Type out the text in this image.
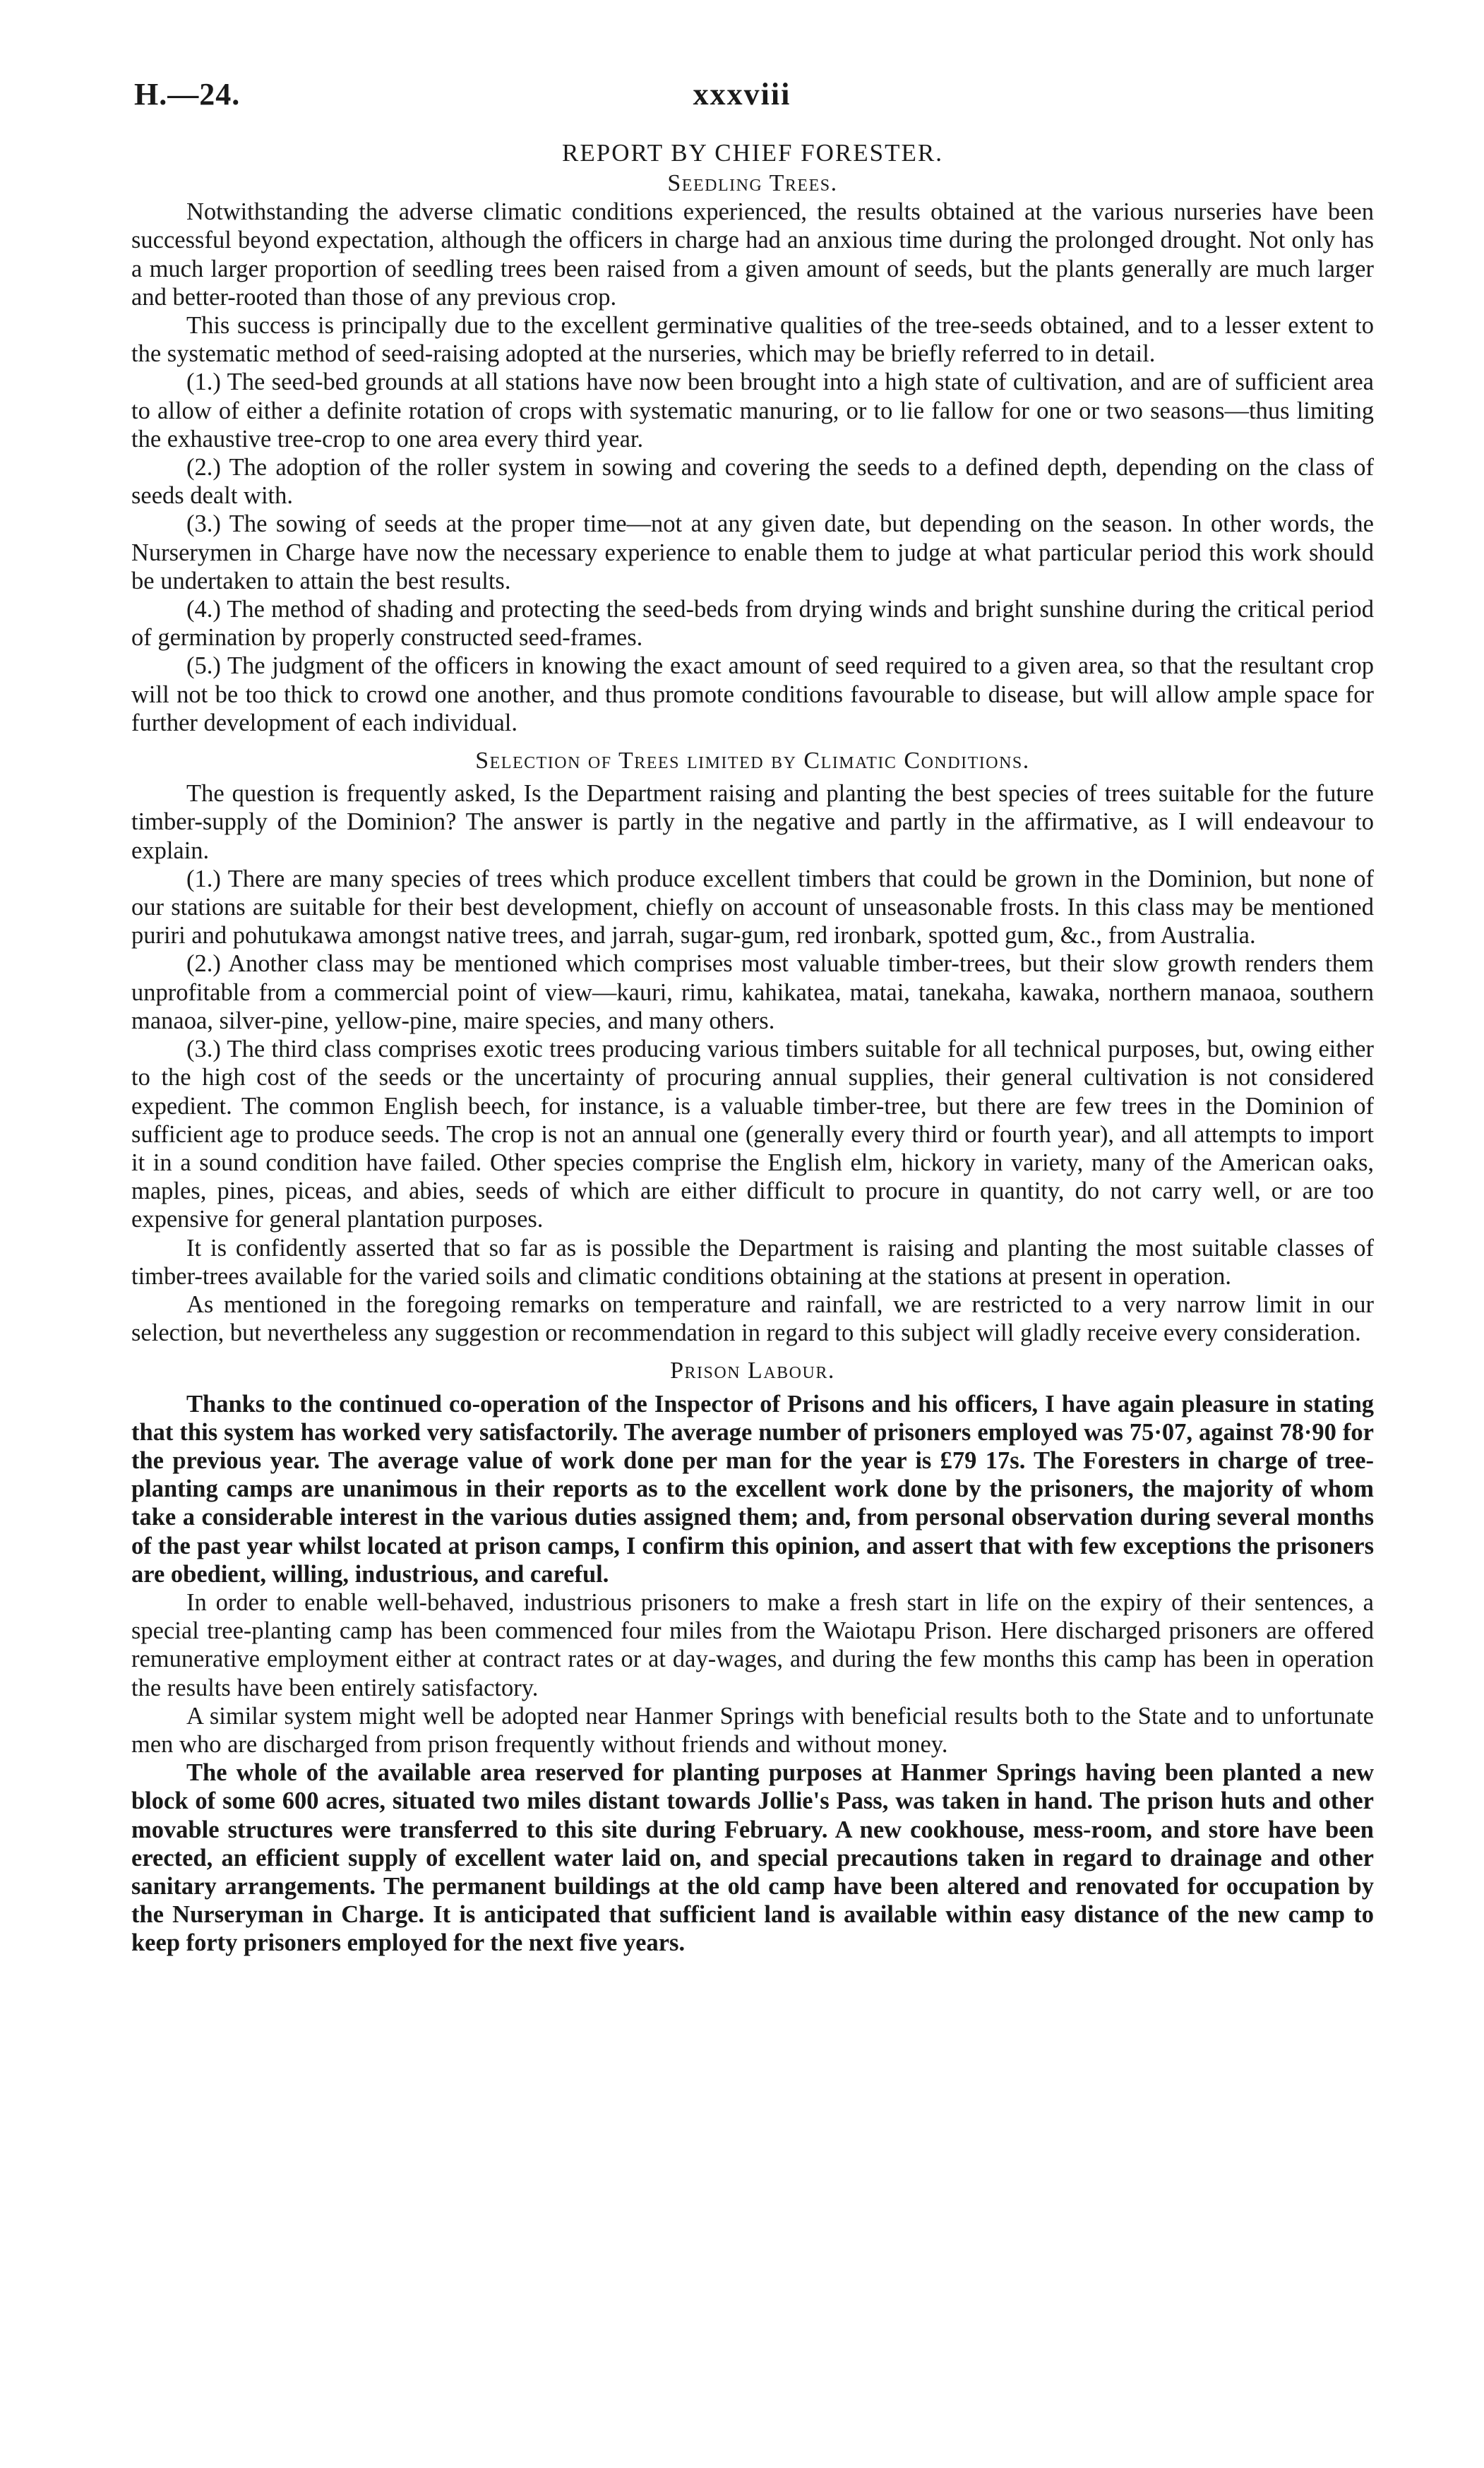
H.—24.	xxxviii
REPORT BY CHIEF FORESTER.
Seedling Trees.

Notwithstanding the adverse climatic conditions experienced, the results obtained at the various nurseries have been successful beyond expectation, although the officers in charge had an anxious time during the prolonged drought. Not only has a much larger proportion of seedling trees been raised from a given amount of seeds, but the plants generally are much larger and better-rooted than those of any previous crop.

This success is principally due to the excellent germinative qualities of the tree-seeds obtained, and to a lesser extent to the systematic method of seed-raising adopted at the nurseries, which may be briefly referred to in detail.

(1.) The seed-bed grounds at all stations have now been brought into a high state of cultivation, and are of sufficient area to allow of either a definite rotation of crops with systematic manuring, or to lie fallow for one or two seasons—thus limiting the exhaustive tree-crop to one area every third year.

(2.) The adoption of the roller system in sowing and covering the seeds to a defined depth, depending on the class of seeds dealt with.

(3.) The sowing of seeds at the proper time—not at any given date, but depending on the season. In other words, the Nurserymen in Charge have now the necessary experience to enable them to judge at what particular period this work should be undertaken to attain the best results.

(4.) The method of shading and protecting the seed-beds from drying winds and bright sunshine during the critical period of germination by properly constructed seed-frames.

(5.) The judgment of the officers in knowing the exact amount of seed required to a given area, so that the resultant crop will not be too thick to crowd one another, and thus promote conditions favourable to disease, but will allow ample space for further development of each individual.

Selection of Trees limited by Climatic Conditions.

The question is frequently asked, Is the Department raising and planting the best species of trees suitable for the future timber-supply of the Dominion? The answer is partly in the negative and partly in the affirmative, as I will endeavour to explain.

(1.) There are many species of trees which produce excellent timbers that could be grown in the Dominion, but none of our stations are suitable for their best development, chiefly on account of unseasonable frosts. In this class may be mentioned puriri and pohutukawa amongst native trees, and jarrah, sugar-gum, red ironbark, spotted gum, &c., from Australia.

(2.) Another class may be mentioned which comprises most valuable timber-trees, but their slow growth renders them unprofitable from a commercial point of view—kauri, rimu, kahikatea, matai, tanekaha, kawaka, northern manaoa, southern manaoa, silver-pine, yellow-pine, maire species, and many others.

(3.) The third class comprises exotic trees producing various timbers suitable for all technical purposes, but, owing either to the high cost of the seeds or the uncertainty of procuring annual supplies, their general cultivation is not considered expedient. The common English beech, for instance, is a valuable timber-tree, but there are few trees in the Dominion of sufficient age to produce seeds. The crop is not an annual one (generally every third or fourth year), and all attempts to import it in a sound condition have failed. Other species comprise the English elm, hickory in variety, many of the American oaks, maples, pines, piceas, and abies, seeds of which are either difficult to procure in quantity, do not carry well, or are too expensive for general plantation purposes.

It is confidently asserted that so far as is possible the Department is raising and planting the most suitable classes of timber-trees available for the varied soils and climatic conditions obtaining at the stations at present in operation.

As mentioned in the foregoing remarks on temperature and rainfall, we are restricted to a very narrow limit in our selection, but nevertheless any suggestion or recommendation in regard to this subject will gladly receive every consideration.

Prison Labour.

Thanks to the continued co-operation of the Inspector of Prisons and his officers, I have again pleasure in stating that this system has worked very satisfactorily. The average number of prisoners employed was 75·07, against 78·90 for the previous year. The average value of work done per man for the year is £79 17s. The Foresters in charge of tree-planting camps are unanimous in their reports as to the excellent work done by the prisoners, the majority of whom take a considerable interest in the various duties assigned them; and, from personal observation during several months of the past year whilst located at prison camps, I confirm this opinion, and assert that with few exceptions the prisoners are obedient, willing, industrious, and careful.

In order to enable well-behaved, industrious prisoners to make a fresh start in life on the expiry of their sentences, a special tree-planting camp has been commenced four miles from the Waiotapu Prison. Here discharged prisoners are offered remunerative employment either at contract rates or at day-wages, and during the few months this camp has been in operation the results have been entirely satisfactory.

A similar system might well be adopted near Hanmer Springs with beneficial results both to the State and to unfortunate men who are discharged from prison frequently without friends and without money.

The whole of the available area reserved for planting purposes at Hanmer Springs having been planted a new block of some 600 acres, situated two miles distant towards Jollie's Pass, was taken in hand. The prison huts and other movable structures were transferred to this site during February. A new cookhouse, mess-room, and store have been erected, an efficient supply of excellent water laid on, and special precautions taken in regard to drainage and other sanitary arrangements. The permanent buildings at the old camp have been altered and renovated for occupation by the Nurseryman in Charge. It is anticipated that sufficient land is available within easy distance of the new camp to keep forty prisoners employed for the next five years.
